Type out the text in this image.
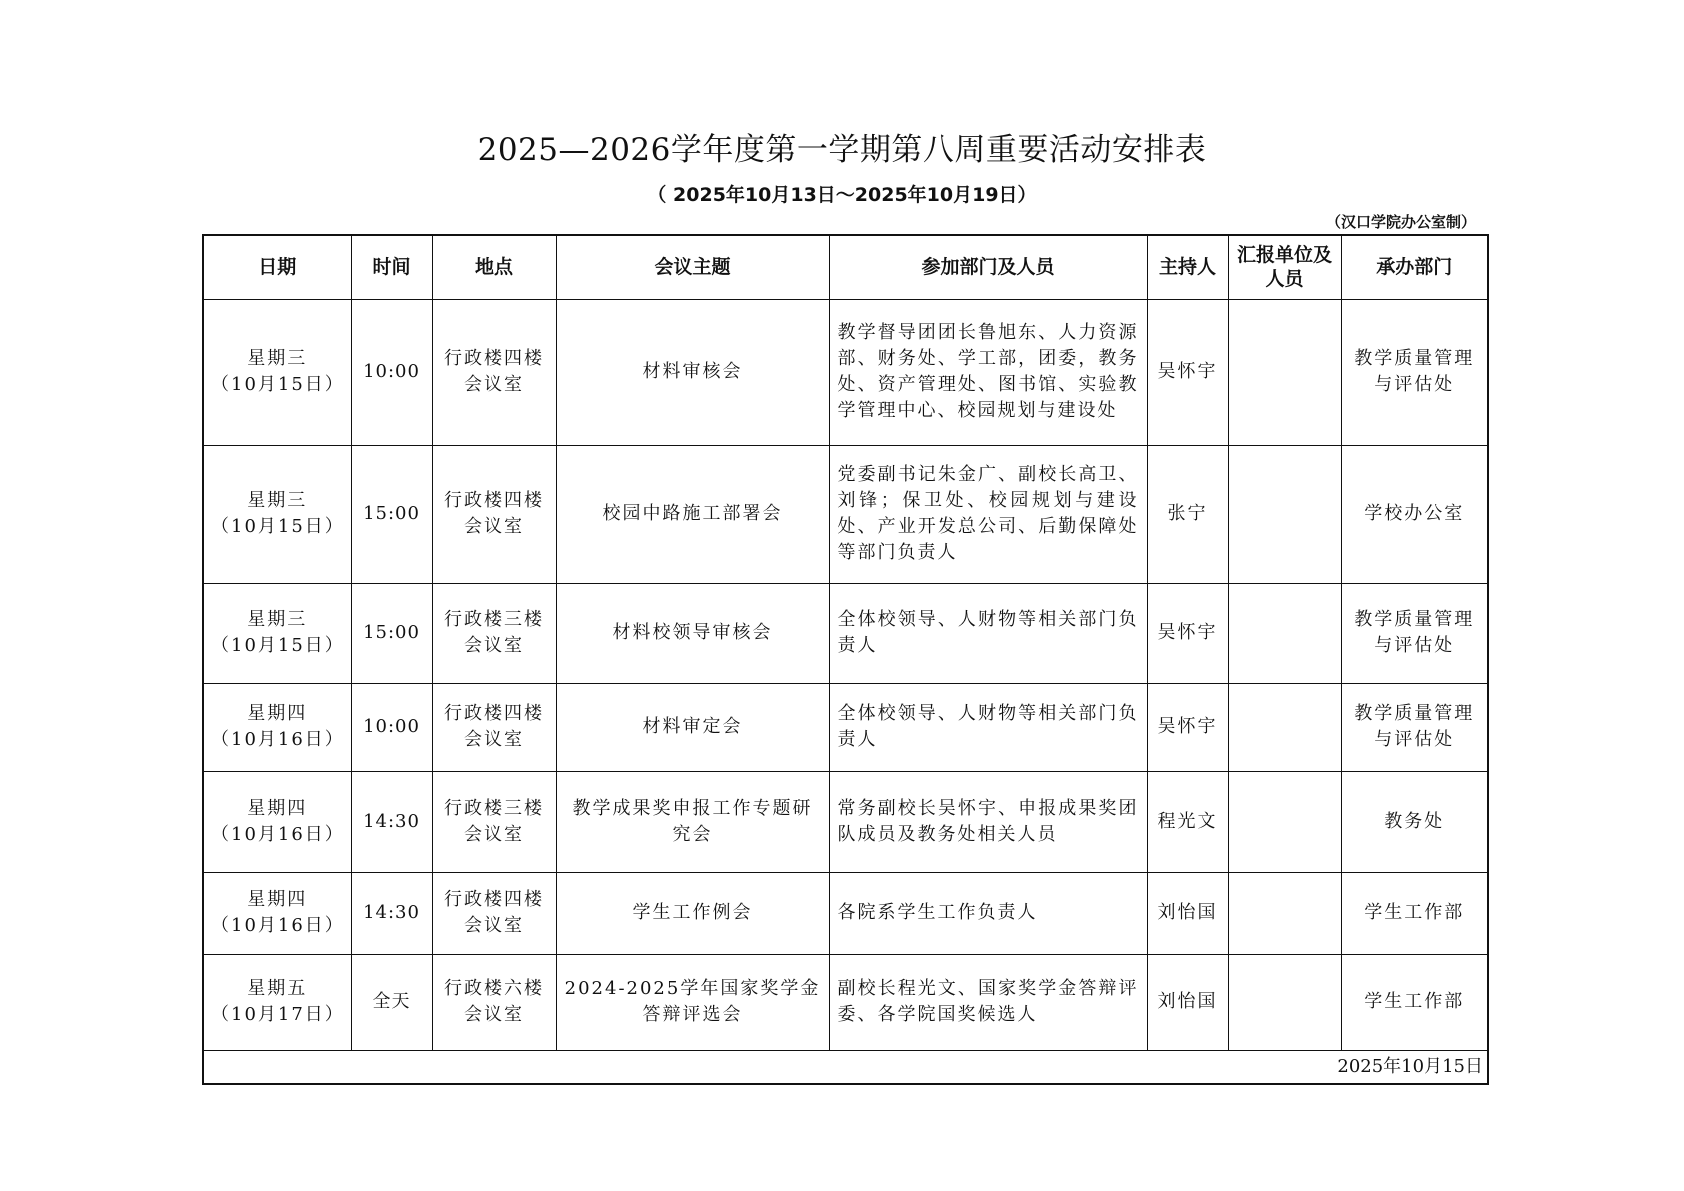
2025—2026学年度第一学期第八周重要活动安排表
（ 2025年10月13日～2025年10月19日）
（汉口学院办公室制）
日期	时间	地点	会议主题	参加部门及人员	主持人	汇报单位及人员	承办部门

星期三
（10月15日）	10:00	行政楼四楼会议室	材料审核会	教学督导团团长鲁旭东、人力资源部、财务处、学工部，团委，教务处、资产管理处、图书馆、实验教学管理中心、校园规划与建设处	吴怀宇		教学质量管理与评估处

星期三
（10月15日）	15:00	行政楼四楼会议室	校园中路施工部署会	党委副书记朱金广、副校长高卫、刘锋；保卫处、校园规划与建设处、产业开发总公司、后勤保障处等部门负责人	张宁		学校办公室

星期三
（10月15日）	15:00	行政楼三楼会议室	材料校领导审核会	全体校领导、人财物等相关部门负责人	吴怀宇		教学质量管理与评估处

星期四
（10月16日）	10:00	行政楼四楼会议室	材料审定会	全体校领导、人财物等相关部门负责人	吴怀宇		教学质量管理与评估处

星期四
（10月16日）	14:30	行政楼三楼会议室	教学成果奖申报工作专题研究会	常务副校长吴怀宇、申报成果奖团队成员及教务处相关人员	程光文		教务处

星期四
（10月16日）	14:30	行政楼四楼会议室	学生工作例会	各院系学生工作负责人	刘怡国		学生工作部

星期五
（10月17日）	全天	行政楼六楼会议室	2024-2025学年国家奖学金答辩评选会	副校长程光文、国家奖学金答辩评委、各学院国奖候选人	刘怡国		学生工作部
2025年10月15日							
